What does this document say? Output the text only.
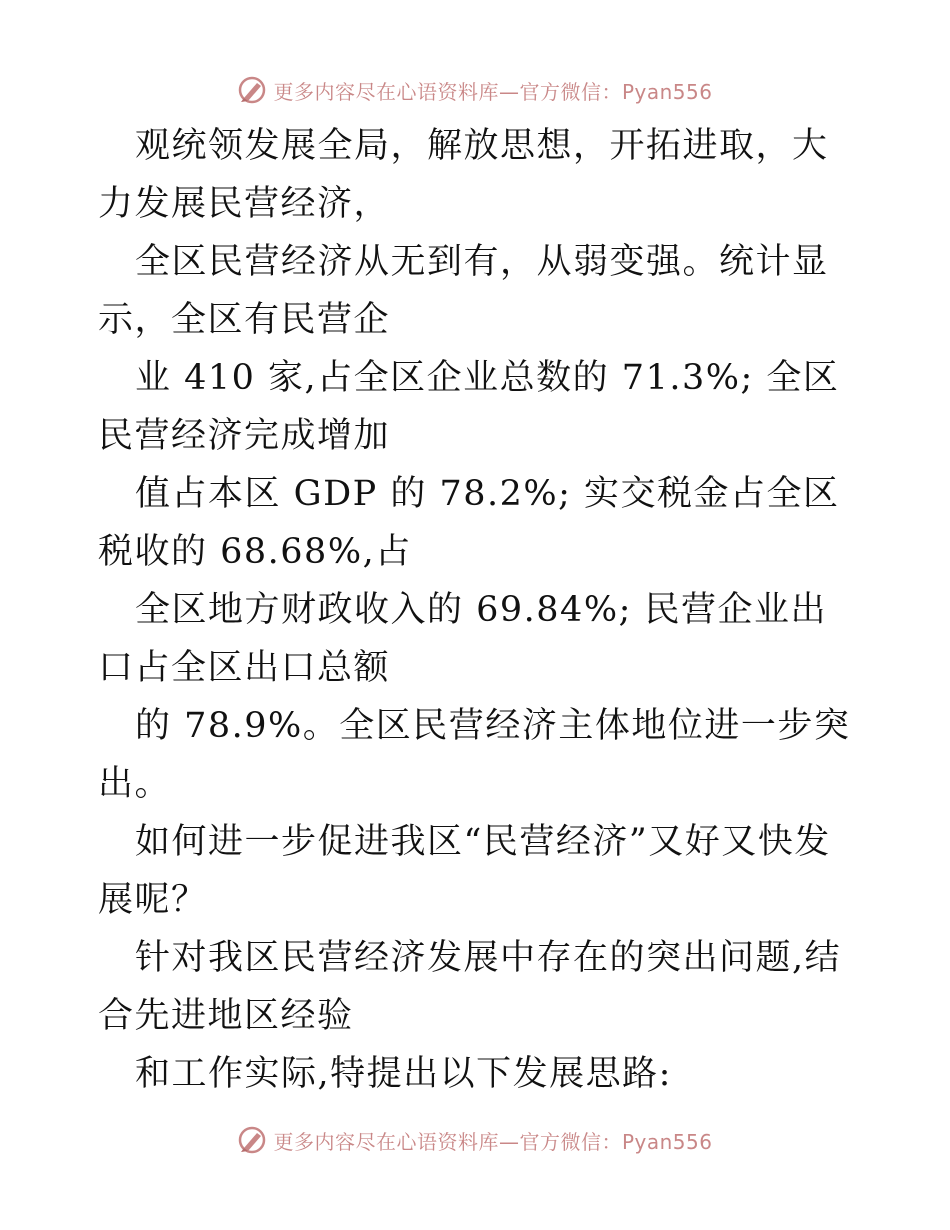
更多内容尽在心语资料库—官方微信：Pyan556

观统领发展全局，解放思想，开拓进取，大力发展民营经济，

全区民营经济从无到有，从弱变强。统计显示，全区有民营企

业 410 家,占全区企业总数的 71.3%; 全区民营经济完成增加

值占本区 GDP 的 78.2%; 实交税金占全区税收的 68.68%,占

全区地方财政收入的 69.84%; 民营企业出口占全区出口总额

的 78.9%。全区民营经济主体地位进一步突出。

如何进一步促进我区“民营经济”又好又快发展呢？

针对我区民营经济发展中存在的突出问题,结合先进地区经验

和工作实际,特提出以下发展思路:

更多内容尽在心语资料库—官方微信：Pyan556
